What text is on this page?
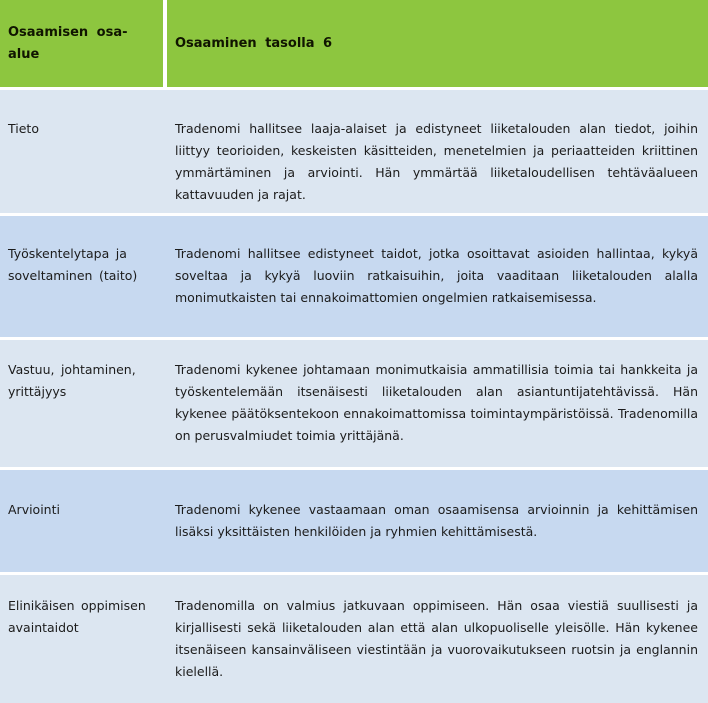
Osaamisen osa-alue
Osaaminen tasolla 6
Tieto	Tradenomi hallitsee laaja-alaiset ja edistyneet liiketalouden alan tiedot, joihin liittyy teorioiden, keskeisten käsitteiden, menetelmien ja periaatteiden kriittinen ymmärtäminen ja arviointi. Hän ymmärtää liiketaloudellisen tehtäväalueen kattavuuden ja rajat.
Työskentelytapa ja soveltaminen (taito)
Tradenomi hallitsee edistyneet taidot, jotka osoittavat asioiden hallintaa, kykyä soveltaa ja kykyä luoviin ratkaisuihin, joita vaaditaan liiketalouden alalla monimutkaisten tai ennakoimattomien ongelmien ratkaisemisessa.
Vastuu, johtaminen, yrittäjyys
Tradenomi kykenee johtamaan monimutkaisia ammatillisia toimia tai hankkeita ja työskentelemään itsenäisesti liiketalouden alan asiantuntijatehtävissä. Hän kykenee päätöksentekoon ennakoimattomissa toimintaympäristöissä. Tradenomilla on perusvalmiudet toimia yrittäjänä.
Arviointi	Tradenomi kykenee vastaamaan oman osaamisensa arvioinnin ja kehittämisen lisäksi yksittäisten henkilöiden ja ryhmien kehittämisestä.
Elinikäisen oppimisen avaintaidot
Tradenomilla on valmius jatkuvaan oppimiseen. Hän osaa viestiä suullisesti ja kirjallisesti sekä liiketalouden alan että alan ulkopuoliselle yleisölle. Hän kykenee itsenäiseen kansainväliseen viestintään ja vuorovaikutukseen ruotsin ja englannin kielellä.
